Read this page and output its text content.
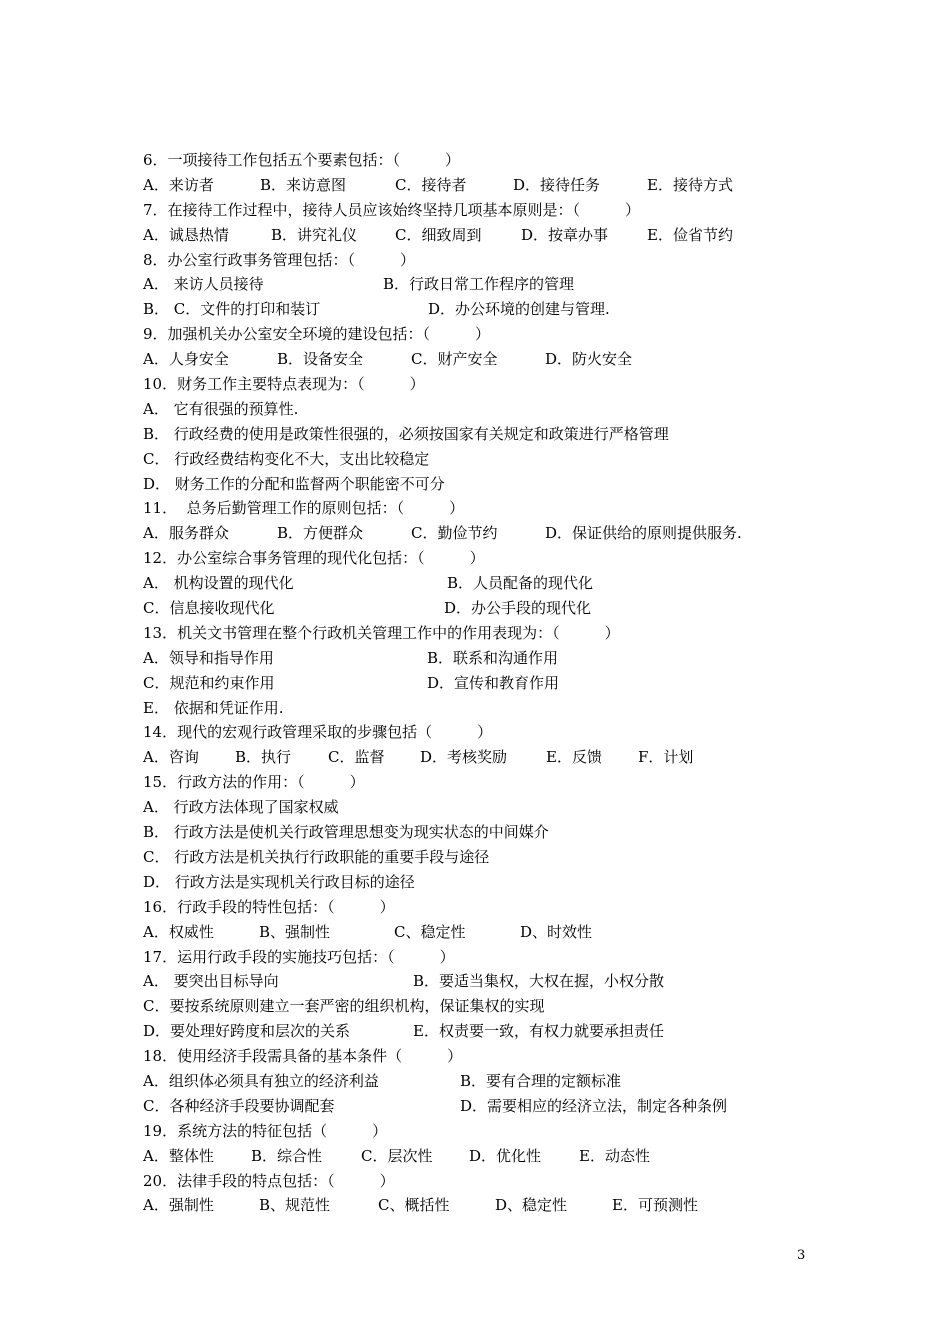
6．一项接待工作包括五个要素包括：（　　　）
A．来访者	B．来访意图	C．接待者	D．接待任务	E．接待方式
7．在接待工作过程中，接待人员应该始终坚持几项基本原则是：（　　　）
A．诚恳热情	B．讲究礼仪	C．细致周到	D．按章办事	E．俭省节约
8．办公室行政事务管理包括：（　　　）
A． 来访人员接待	B．行政日常工作程序的管理
B． C．文件的打印和装订	D．办公环境的创建与管理.
9．加强机关办公室安全环境的建设包括：（　　　）
A．人身安全	B．设备安全	C．财产安全	D．防火安全
10．财务工作主要特点表现为：（　　　）
A． 它有很强的预算性.
B． 行政经费的使用是政策性很强的，必须按国家有关规定和政策进行严格管理
C． 行政经费结构变化不大，支出比较稳定
D． 财务工作的分配和监督两个职能密不可分
11．  总务后勤管理工作的原则包括：（　　　）
A．服务群众	B．方便群众	C．勤俭节约	D．保证供给的原则提供服务.
12．办公室综合事务管理的现代化包括：（　　　）
A． 机构设置的现代化	B．人员配备的现代化
C．信息接收现代化	D．办公手段的现代化
13．机关文书管理在整个行政机关管理工作中的作用表现为：（　　　）
A．领导和指导作用	B．联系和沟通作用
C．规范和约束作用	D．宣传和教育作用
E． 依据和凭证作用.
14．现代的宏观行政管理采取的步骤包括（　　　）
A．咨询 B．执行 C．监督 D．考核奖励	E．反馈 F．计划
15．行政方法的作用：（　　　）
A． 行政方法体现了国家权威
B． 行政方法是使机关行政管理思想变为现实状态的中间媒介
C． 行政方法是机关执行行政职能的重要手段与途径
D． 行政方法是实现机关行政目标的途径
16．行政手段的特性包括：（　　　）
A．权威性	B、强制性	C、稳定性	D、时效性
17．运用行政手段的实施技巧包括：（　　　）
A． 要突出目标导向	B．要适当集权，大权在握，小权分散
C．要按系统原则建立一套严密的组织机构，保证集权的实现
D．要处理好跨度和层次的关系	E．权责要一致，有权力就要承担责任
18．使用经济手段需具备的基本条件（　　　）
A．组织体必须具有独立的经济利益	B．要有合理的定额标准
C．各种经济手段要协调配套	D．需要相应的经济立法，制定各种条例
19．系统方法的特征包括（　　　）
A．整体性 B．综合性	C．层次性 D．优化性	E．动态性
20．法律手段的特点包括：（　　　）
A．强制性	B、规范性	C、概括性	D、稳定性	E．可预测性
3
